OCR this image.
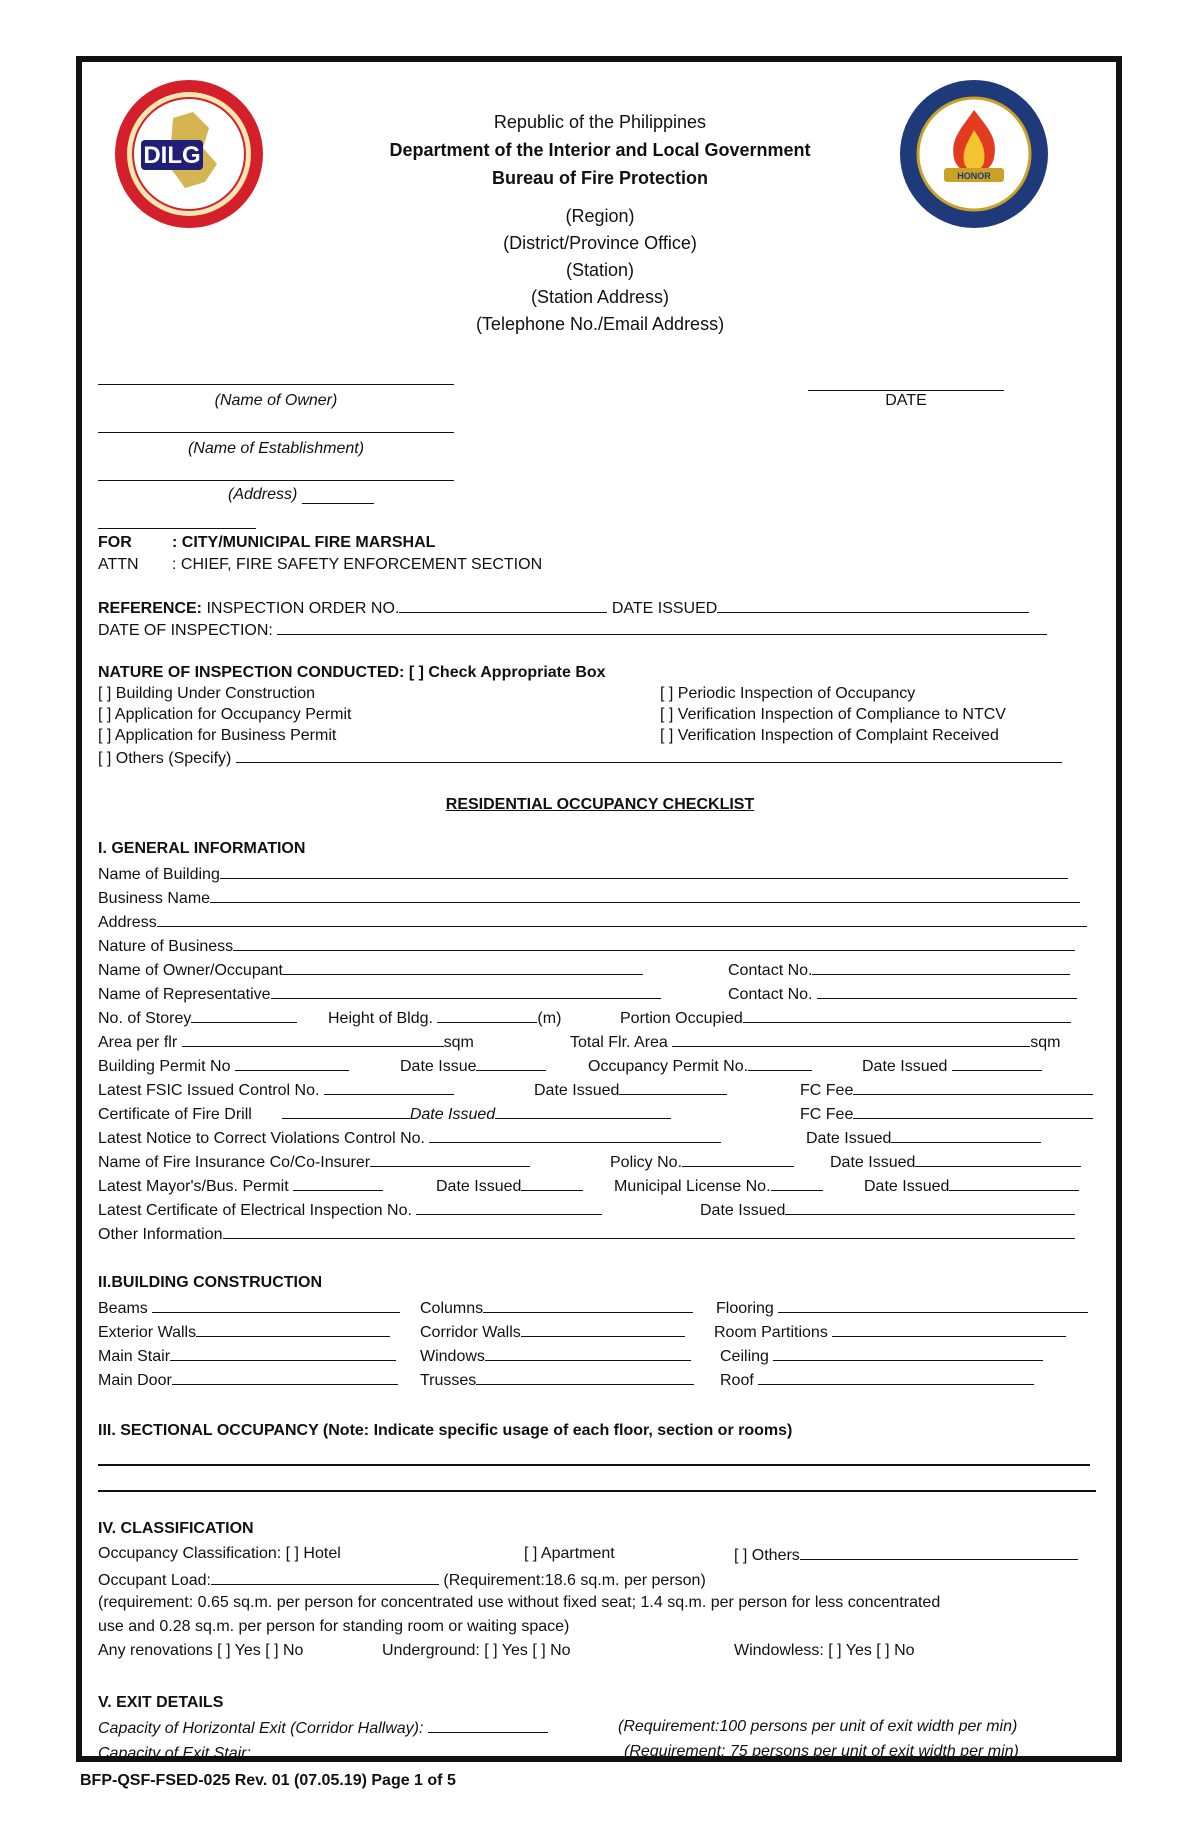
DILG
HONOR
Republic of the Philippines
Department of the Interior and Local Government
Bureau of Fire Protection
(Region)
(District/Province Office)
(Station)
(Station Address)
(Telephone No./Email Address)
(Name of Owner)	DATE
(Name of Establishment)
(Address)
FOR	: CITY/MUNICIPAL FIRE MARSHAL
ATTN : CHIEF, FIRE SAFETY ENFORCEMENT SECTION
REFERENCE: INSPECTION ORDER NO.	DATE ISSUED
DATE OF INSPECTION:
NATURE OF INSPECTION CONDUCTED: [ ] Check Appropriate Box
[ ] Building Under Construction
[ ] Application for Occupancy Permit
[ ] Application for Business Permit
[ ] Others (Specify)
[ ] Periodic Inspection of Occupancy
[ ] Verification Inspection of Compliance to NTCV
[ ] Verification Inspection of Complaint Received
RESIDENTIAL OCCUPANCY CHECKLIST
I. GENERAL INFORMATION
Name of Building
Business Name
Address
Nature of Business
Name of Owner/Occupant	Contact No.
Name of Representative	Contact No.
No. of Storey	Height of Bldg.	(m)	Portion Occupied
Area per flr	sqm	Total Flr. Area	sqm
Building Permit No	Date Issue	Occupancy Permit No.	Date Issued
Latest FSIC Issued Control No.	Date Issued	FC Fee
Certificate of Fire Drill	Date Issued	FC Fee
Latest Notice to Correct Violations Control No.	Date Issued
Name of Fire Insurance Co/Co-Insurer	Policy No.	Date Issued
Latest Mayor's/Bus. Permit	Date Issued	Municipal License No.	Date Issued
Latest Certificate of Electrical Inspection No.	Date Issued
Other Information
II.BUILDING CONSTRUCTION
Beams	Columns	Flooring
Exterior Walls	Corridor Walls	Room Partitions
Main Stair	Windows	Ceiling
Main Door	Trusses	Roof
III. SECTIONAL OCCUPANCY (Note: Indicate specific usage of each floor, section or rooms)
IV. CLASSIFICATION
Occupancy Classification: [ ] Hotel	[ ] Apartment	[ ] Others
Occupant Load:	(Requirement:18.6 sq.m. per person)
(requirement: 0.65 sq.m. per person for concentrated use without fixed seat; 1.4 sq.m. per person for less concentrated
use and 0.28 sq.m. per person for standing room or waiting space)
Any renovations [ ] Yes [ ] No	Underground: [ ] Yes [ ] No	Windowless: [ ] Yes [ ] No
V. EXIT DETAILS
Capacity of Horizontal Exit (Corridor Hallway):	(Requirement:100 persons per unit of exit width per min)
Capacity of Exit Stair:	(Requirement: 75 persons per unit of exit width per min)
BFP-QSF-FSED-025 Rev. 01 (07.05.19) Page 1 of 5
